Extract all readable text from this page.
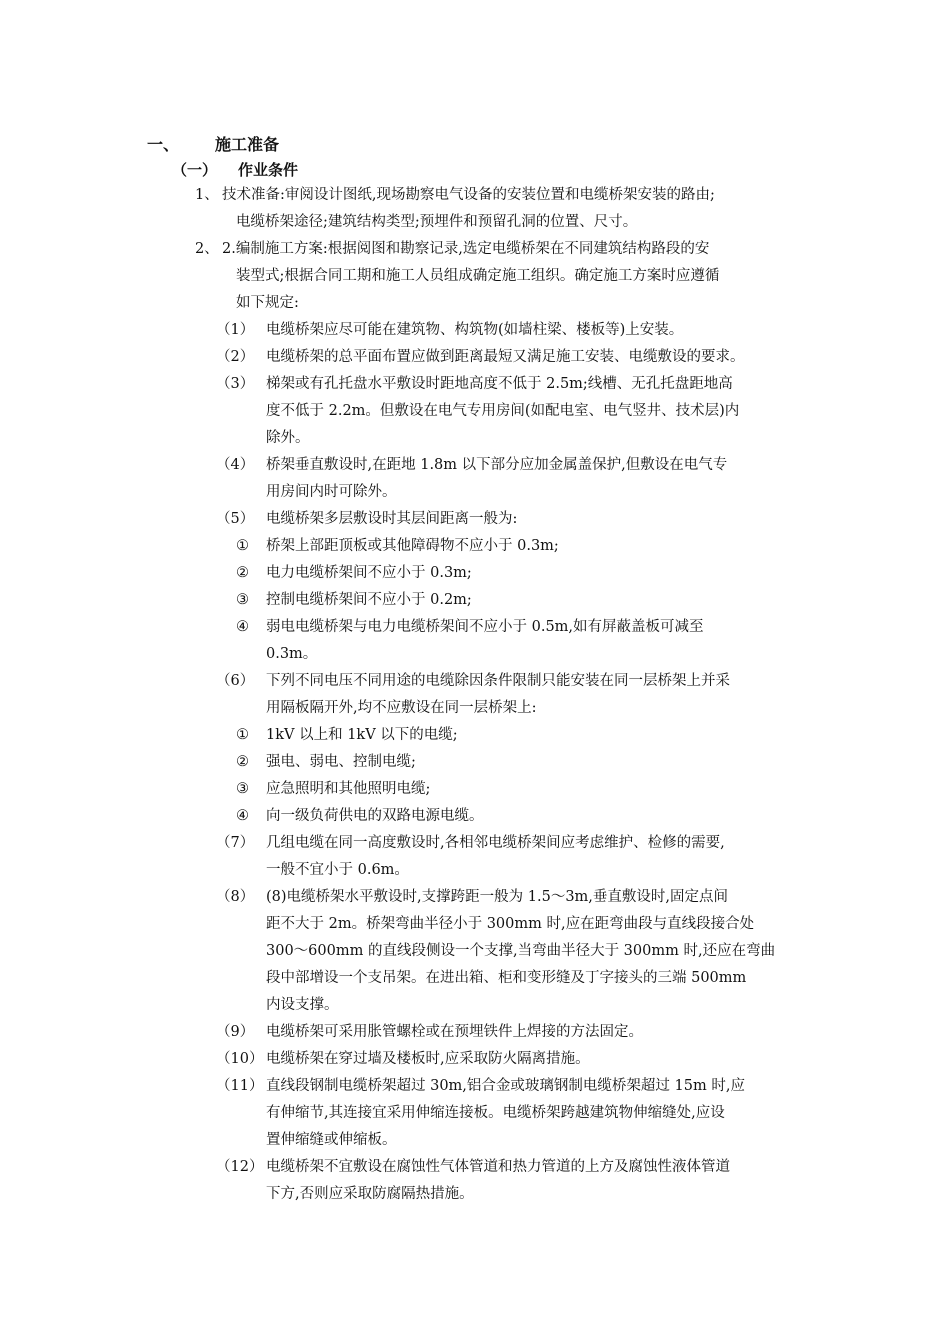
一、 施工准备
（一） 作业条件
1、 技术准备:审阅设计图纸,现场勘察电气设备的安装位置和电缆桥架安装的路由;
电缆桥架途径;建筑结构类型;预埋件和预留孔洞的位置、尺寸。
2、 2.编制施工方案:根据阅图和勘察记录,选定电缆桥架在不同建筑结构路段的安
装型式;根据合同工期和施工人员组成确定施工组织。确定施工方案时应遵循
如下规定:
（1） 电缆桥架应尽可能在建筑物、构筑物(如墙柱梁、楼板等)上安装。
（2） 电缆桥架的总平面布置应做到距离最短又满足施工安装、电缆敷设的要求。
（3） 梯架或有孔托盘水平敷设时距地高度不低于 2.5m;线槽、无孔托盘距地高
度不低于 2.2m。但敷设在电气专用房间(如配电室、电气竖井、技术层)内
除外。
（4） 桥架垂直敷设时,在距地 1.8m 以下部分应加金属盖保护,但敷设在电气专
用房间内时可除外。
（5） 电缆桥架多层敷设时其层间距离一般为:
① 桥架上部距顶板或其他障碍物不应小于 0.3m;
② 电力电缆桥架间不应小于 0.3m;
③ 控制电缆桥架间不应小于 0.2m;
④ 弱电电缆桥架与电力电缆桥架间不应小于 0.5m,如有屏蔽盖板可减至
0.3m。
（6） 下列不同电压不同用途的电缆除因条件限制只能安装在同一层桥架上并采
用隔板隔开外,均不应敷设在同一层桥架上:
① 1kV 以上和 1kV 以下的电缆;
② 强电、弱电、控制电缆;
③ 应急照明和其他照明电缆;
④ 向一级负荷供电的双路电源电缆。
（7） 几组电缆在同一高度敷设时,各相邻电缆桥架间应考虑维护、检修的需要,
一般不宜小于 0.6m。
（8） (8)电缆桥架水平敷设时,支撑跨距一般为 1.5～3m,垂直敷设时,固定点间
距不大于 2m。桥架弯曲半径小于 300mm 时,应在距弯曲段与直线段接合处
300～600mm 的直线段侧设一个支撑,当弯曲半径大于 300mm 时,还应在弯曲
段中部增设一个支吊架。在进出箱、柜和变形缝及丁字接头的三端 500mm
内设支撑。
（9） 电缆桥架可采用胀管螺栓或在预埋铁件上焊接的方法固定。
（10） 电缆桥架在穿过墙及楼板时,应采取防火隔离措施。
（11） 直线段钢制电缆桥架超过 30m,铝合金或玻璃钢制电缆桥架超过 15m 时,应
有伸缩节,其连接宜采用伸缩连接板。电缆桥架跨越建筑物伸缩缝处,应设
置伸缩缝或伸缩板。
（12） 电缆桥架不宜敷设在腐蚀性气体管道和热力管道的上方及腐蚀性液体管道
下方,否则应采取防腐隔热措施。
